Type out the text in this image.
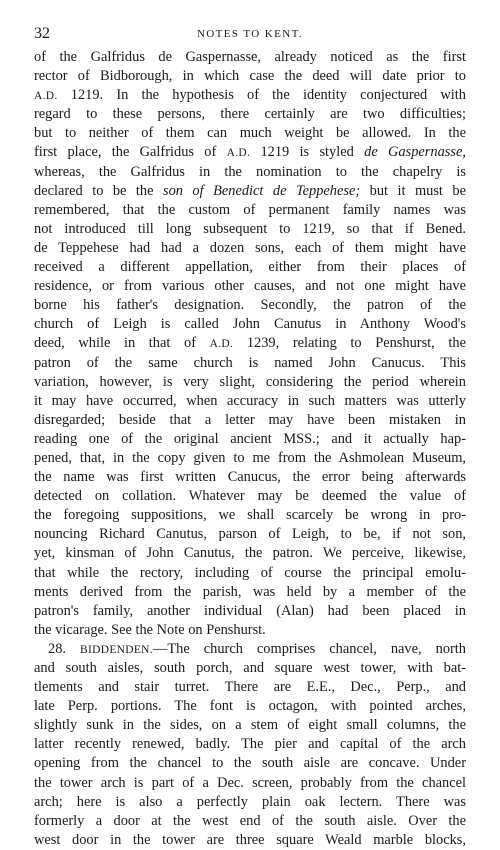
32	NOTES TO KENT.
of the Galfridus de Gaspernasse, already noticed as the first
rector of Bidborough, in which case the deed will date prior to
A.D. 1219. In the hypothesis of the identity conjectured with
regard to these persons, there certainly are two difficulties;
but to neither of them can much weight be allowed. In the
first place, the Galfridus of A.D. 1219 is styled de Gaspernasse,
whereas, the Galfridus in the nomination to the chapelry is
declared to be the son of Benedict de Teppehese; but it must be
remembered, that the custom of permanent family names was
not introduced till long subsequent to 1219, so that if Bened.
de Teppehese had had a dozen sons, each of them might have
received a different appellation, either from their places of
residence, or from various other causes, and not one might have
borne his father's designation. Secondly, the patron of the
church of Leigh is called John Canutus in Anthony Wood's
deed, while in that of A.D. 1239, relating to Penshurst, the
patron of the same church is named John Canucus. This
variation, however, is very slight, considering the period wherein
it may have occurred, when accuracy in such matters was utterly
disregarded; beside that a letter may have been mistaken in
reading one of the original ancient MSS.; and it actually hap-
pened, that, in the copy given to me from the Ashmolean Museum,
the name was first written Canucus, the error being afterwards
detected on collation. Whatever may be deemed the value of
the foregoing suppositions, we shall scarcely be wrong in pro-
nouncing Richard Canutus, parson of Leigh, to be, if not son,
yet, kinsman of John Canutus, the patron. We perceive, likewise,
that while the rectory, including of course the principal emolu-
ments derived from the parish, was held by a member of the
patron's family, another individual (Alan) had been placed in
the vicarage. See the Note on Penshurst.
28. BIDDENDEN.—The church comprises chancel, nave, north
and south aisles, south porch, and square west tower, with bat-
tlements and stair turret. There are E.E., Dec., Perp., and
late Perp. portions. The font is octagon, with pointed arches,
slightly sunk in the sides, on a stem of eight small columns, the
latter recently renewed, badly. The pier and capital of the arch
opening from the chancel to the south aisle are concave. Under
the tower arch is part of a Dec. screen, probably from the chancel
arch; here is also a perfectly plain oak lectern. There was
formerly a door at the west end of the south aisle. Over the
west door in the tower are three square Weald marble blocks,
